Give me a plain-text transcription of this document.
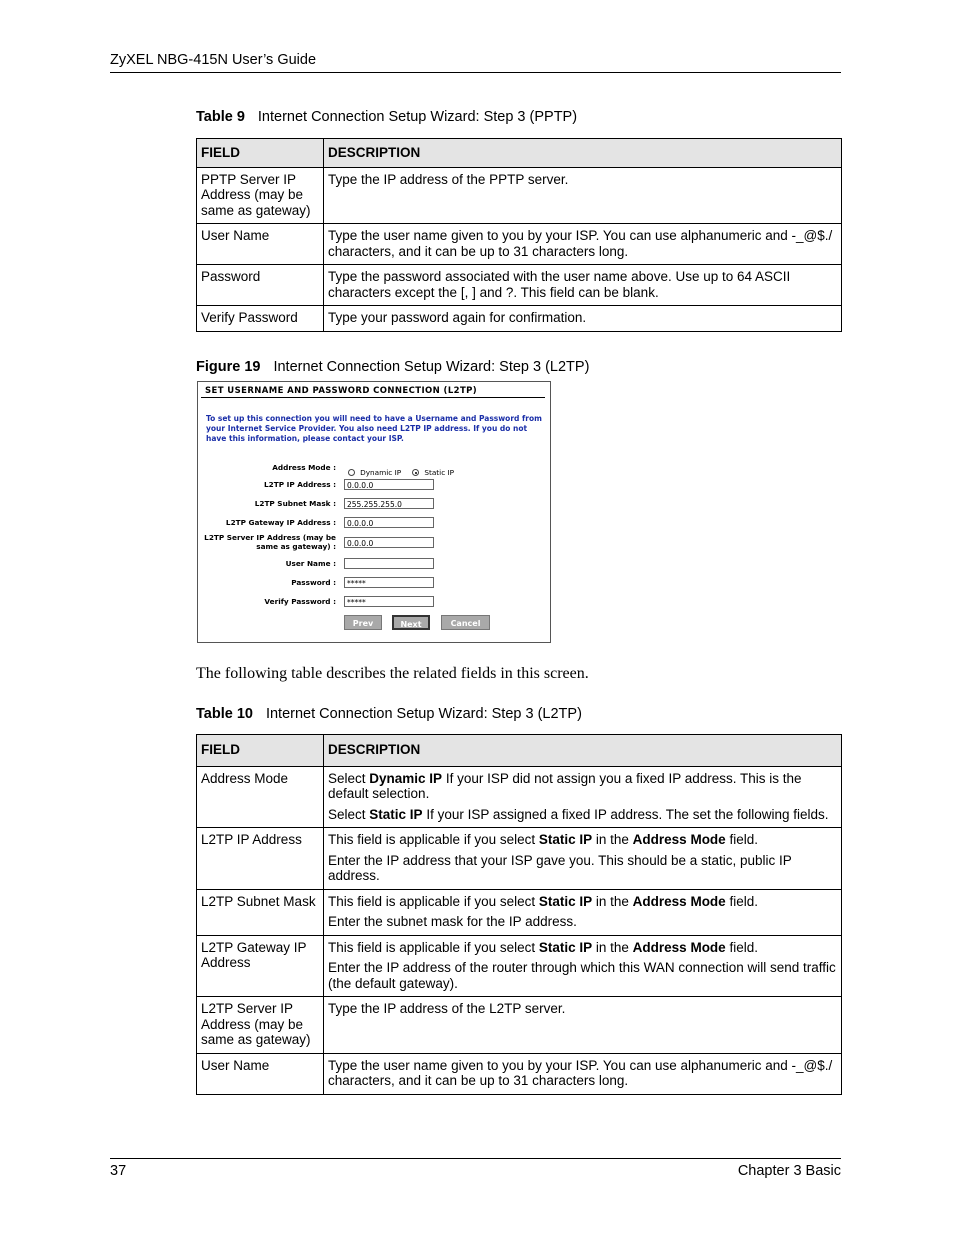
ZyXEL NBG-415N User’s Guide
Table 9 Internet Connection Setup Wizard: Step 3 (PPTP)
FIELD	DESCRIPTION
PPTP Server IP Address (may be same as gateway)	Type the IP address of the PPTP server.
User Name	Type the user name given to you by your ISP. You can use alphanumeric and -_@$./ characters, and it can be up to 31 characters long.
Password	Type the password associated with the user name above. Use up to 64 ASCII characters except the [, ] and ?. This field can be blank.
Verify Password	Type your password again for confirmation.
Figure 19 Internet Connection Setup Wizard: Step 3 (L2TP)
SET USERNAME AND PASSWORD CONNECTION (L2TP)
To set up this connection you will need to have a Username and Password from your Internet Service Provider. You also need L2TP IP address. If you do not have this information, please contact your ISP.
Address Mode :
Dynamic IP	Static IP
L2TP IP Address :	0.0.0.0
L2TP Subnet Mask :	255.255.255.0
L2TP Gateway IP Address :	0.0.0.0
L2TP Server IP Address (may be same as gateway) :	0.0.0.0
User Name :
Password :	*****
Verify Password :	*****
Prev	Next	Cancel
The following table describes the related fields in this screen.
Table 10 Internet Connection Setup Wizard: Step 3 (L2TP)
FIELD	DESCRIPTION
Address Mode	Select Dynamic IP If your ISP did not assign you a fixed IP address. This is the default selection.

Select Static IP If your ISP assigned a fixed IP address. The set the following fields.

L2TP IP Address	This field is applicable if you select Static IP in the Address Mode field.

Enter the IP address that your ISP gave you. This should be a static, public IP address.

L2TP Subnet Mask	This field is applicable if you select Static IP in the Address Mode field.

Enter the subnet mask for the IP address.

L2TP Gateway IP Address	This field is applicable if you select Static IP in the Address Mode field.

Enter the IP address of the router through which this WAN connection will send traffic (the default gateway).

L2TP Server IP Address (may be same as gateway)	Type the IP address of the L2TP server.
User Name	Type the user name given to you by your ISP. You can use alphanumeric and -_@$./ characters, and it can be up to 31 characters long.
37	Chapter 3 Basic
